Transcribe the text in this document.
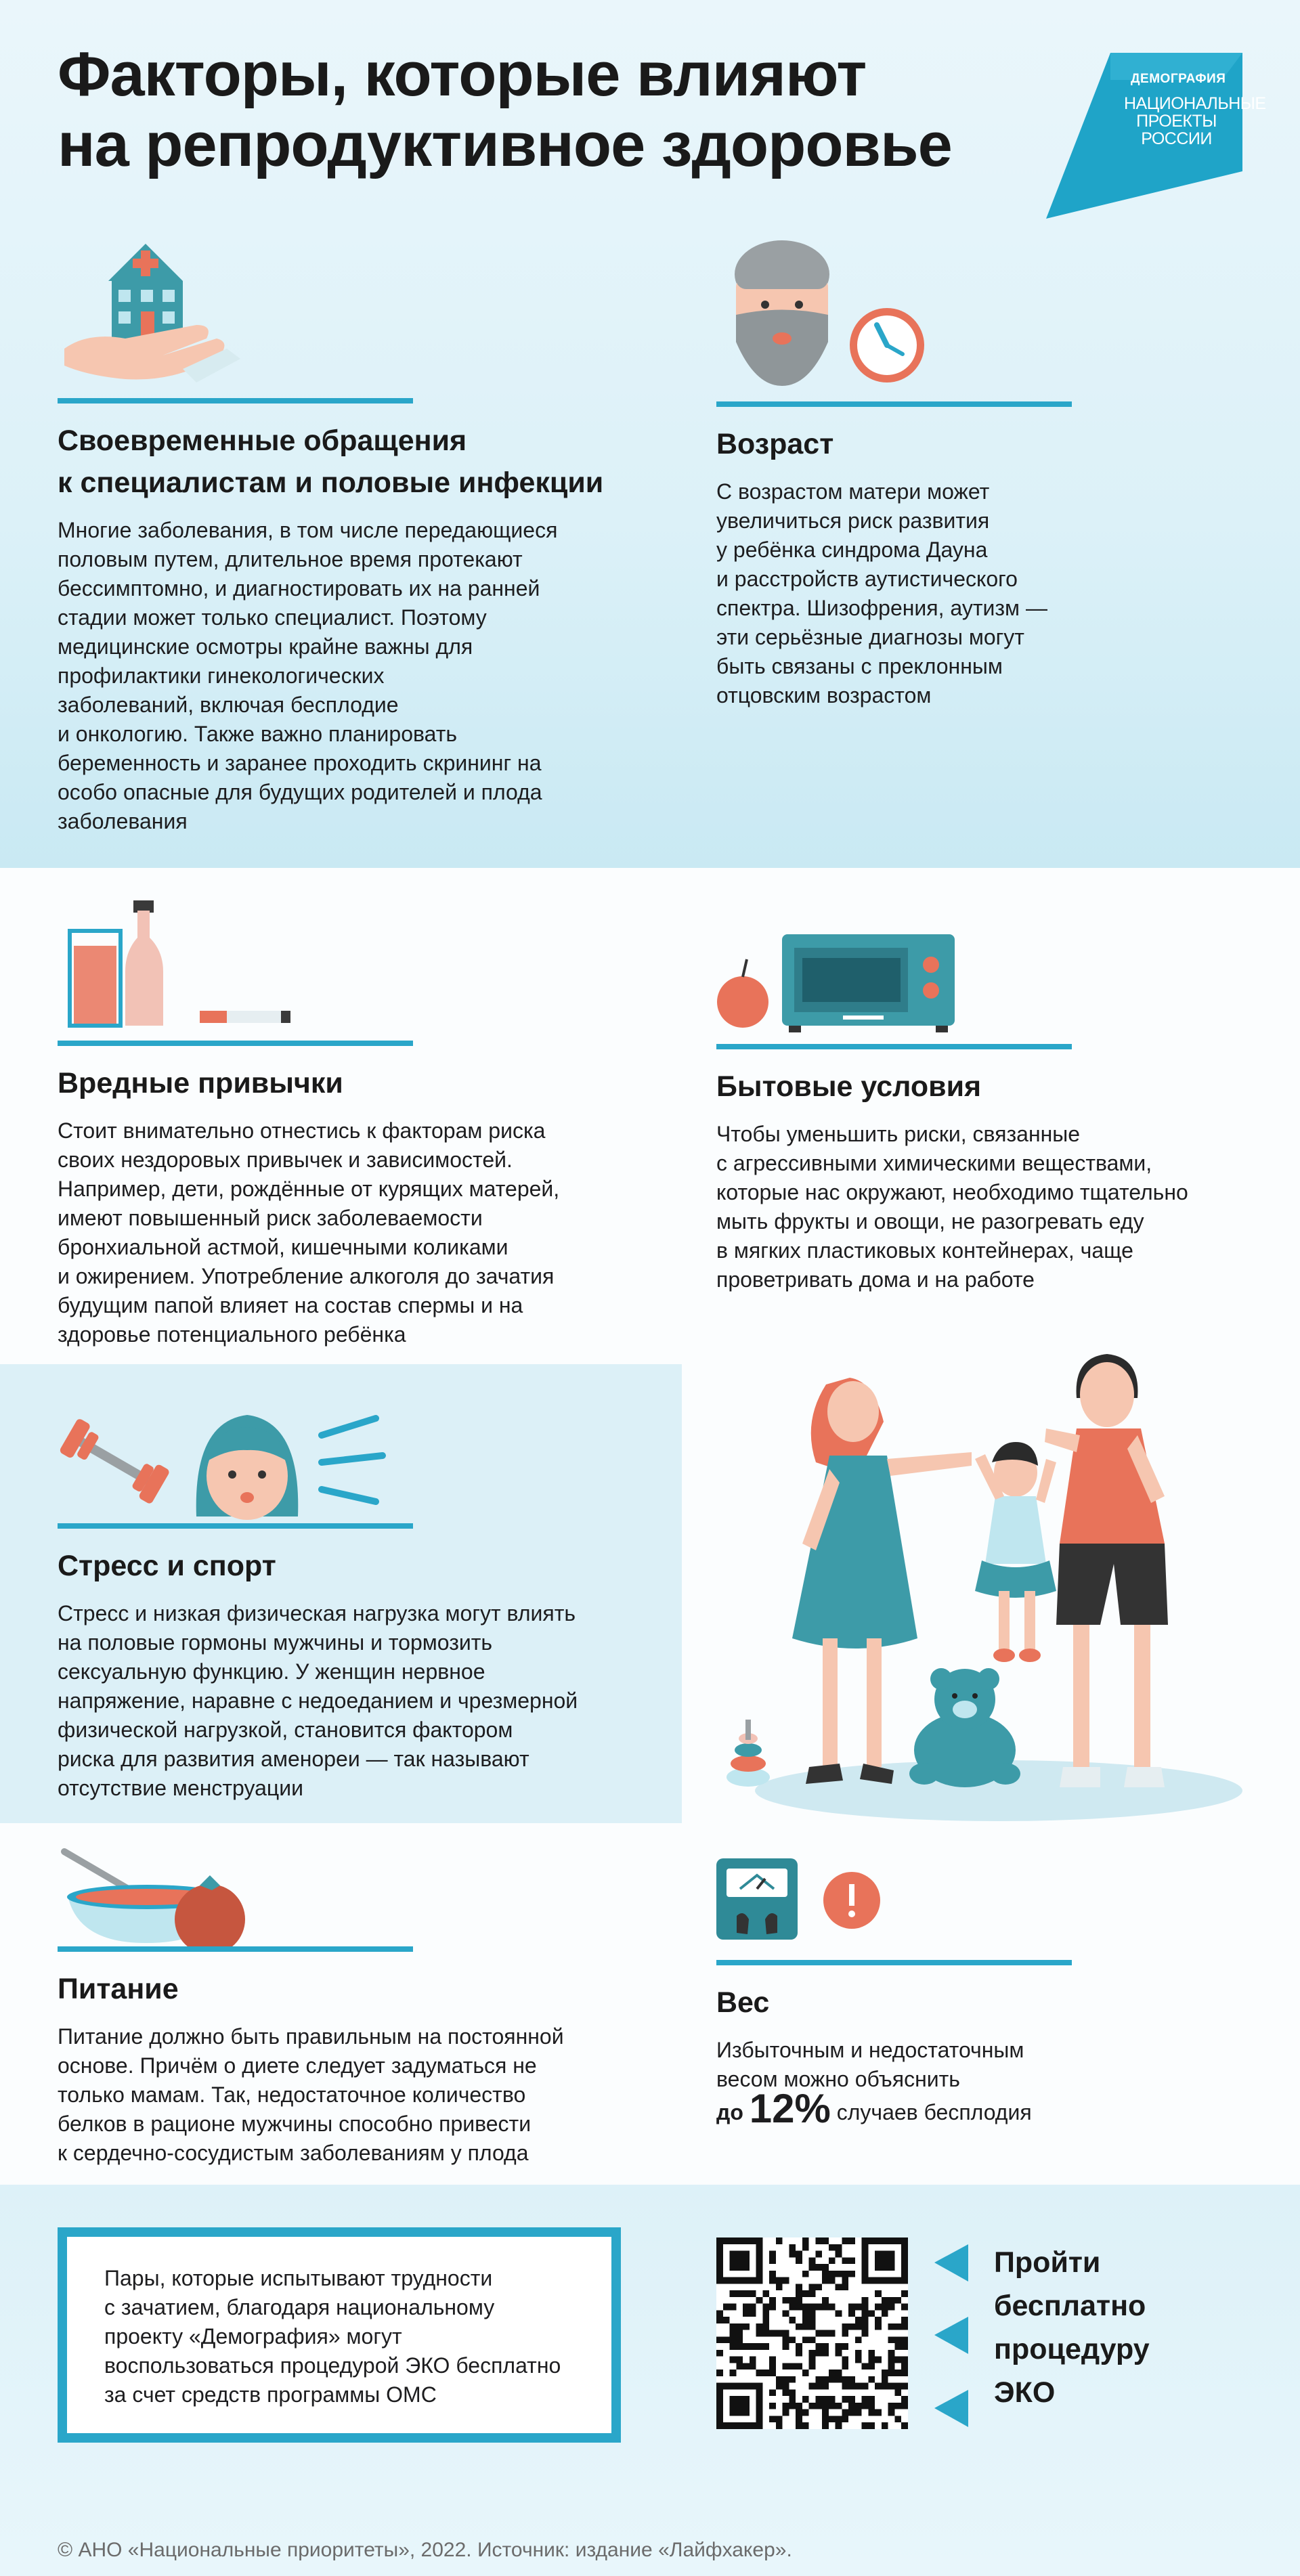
Факторы, которые влияют
на репродуктивное здоровье
ДЕМОГРАФИЯ
НАЦИОНАЛЬНЫЕ
ПРОЕКТЫ
РОССИИ
Своевременные обращения
к специалистам и половые инфекции

Многие заболевания, в том числе передающиеся
половым путем, длительное время протекают
бессимптомно, и диагностировать их на ранней
стадии может только специалист. Поэтому
медицинские осмотры крайне важны для
профилактики гинекологических
заболеваний, включая бесплодие
и онкологию. Также важно планировать
беременность и заранее проходить скрининг на
особо опасные для будущих родителей и плода
заболевания

Возраст

С возрастом матери может
увеличиться риск развития
у ребёнка синдрома Дауна
и расстройств аутистического
спектра. Шизофрения, аутизм —
эти серьёзные диагнозы могут
быть связаны с преклонным
отцовским возрастом

Вредные привычки

Стоит внимательно отнестись к факторам риска
своих нездоровых привычек и зависимостей.
Например, дети, рождённые от курящих матерей,
имеют повышенный риск заболеваемости
бронхиальной астмой, кишечными коликами
и ожирением. Употребление алкоголя до зачатия
будущим папой влияет на состав спермы и на
здоровье потенциального ребёнка

Бытовые условия

Чтобы уменьшить риски, связанные
с агрессивными химическими веществами,
которые нас окружают, необходимо тщательно
мыть фрукты и овощи, не разогревать еду
в мягких пластиковых контейнерах, чаще
проветривать дома и на работе

Стресс и спорт

Стресс и низкая физическая нагрузка могут влиять
на половые гормоны мужчины и тормозить
сексуальную функцию. У женщин нервное
напряжение, наравне с недоеданием и чрезмерной
физической нагрузкой, становится фактором
риска для развития аменореи — так называют
отсутствие менструации

Питание

Питание должно быть правильным на постоянной
основе. Причём о диете следует задуматься не
только мамам. Так, недостаточное количество
белков в рационе мужчины способно привести
к сердечно-сосудистым заболеваниям у плода

Вес

Избыточным и недостаточным
весом можно объяснить
до 12% случаев бесплодия

Пары, которые испытывают трудности
с зачатием, благодаря национальному
проекту «Демография» могут
воспользоваться процедурой ЭКО бесплатно
за счет средств программы ОМС

Пройти
бесплатно
процедуру
ЭКО
© АНО «Национальные приоритеты», 2022. Источник: издание «Лайфхакер».
